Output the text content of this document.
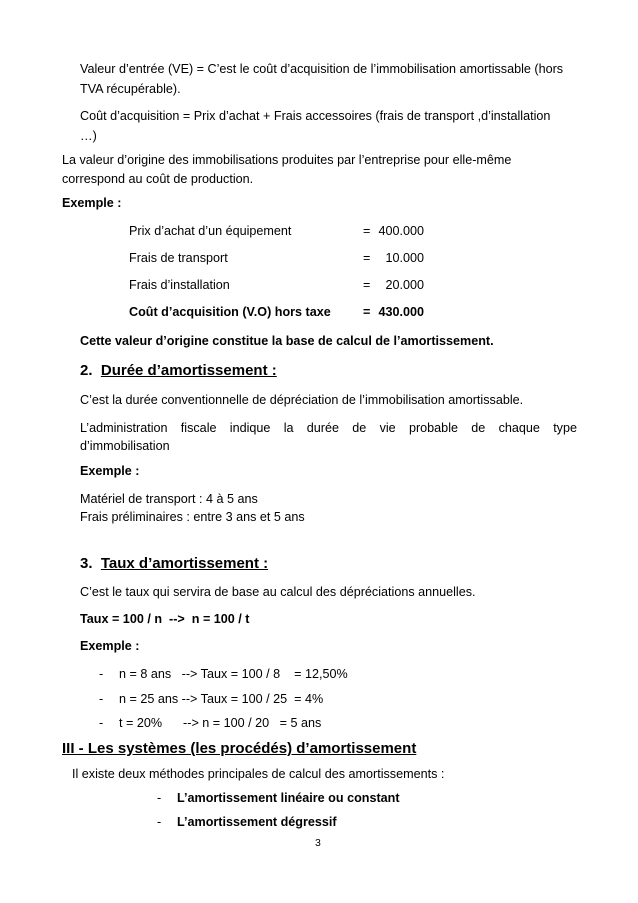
Valeur d’entrée (VE) = C’est le coût d’acquisition de l’immobilisation amortissable (hors
TVA récupérable).
Coût d’acquisition = Prix d’achat + Frais accessoires (frais de transport ,d’installation
…)
La valeur d’origine des immobilisations produites par l’entreprise pour elle-même
correspond au coût de production.
Exemple :
Prix d’achat d’un équipement	= 400.000
Frais de transport	=	10.000
Frais d’installation	=	20.000
Coût d’acquisition (V.O) hors taxe	= 430.000
Cette valeur d’origine constitue la base de calcul de l’amortissement.
2. Durée d’amortissement :
C’est la durée conventionnelle de dépréciation de l’immobilisation amortissable.
L’administration fiscale indique la durée de vie probable de chaque type
d’immobilisation
Exemple :
Matériel de transport : 4 à 5 ans
Frais préliminaires : entre 3 ans et 5 ans
3. Taux d’amortissement :
C’est le taux qui servira de base au calcul des dépréciations annuelles.
Taux = 100 / n  -->  n = 100 / t
Exemple :
- n = 8 ans   --> Taux = 100 / 8    = 12,50%
- n = 25 ans --> Taux = 100 / 25  = 4%
- t = 20%      --> n = 100 / 20   = 5 ans
III - Les systèmes (les procédés) d’amortissement
Il existe deux méthodes principales de calcul des amortissements :
- L’amortissement linéaire ou constant
- L’amortissement dégressif
3
